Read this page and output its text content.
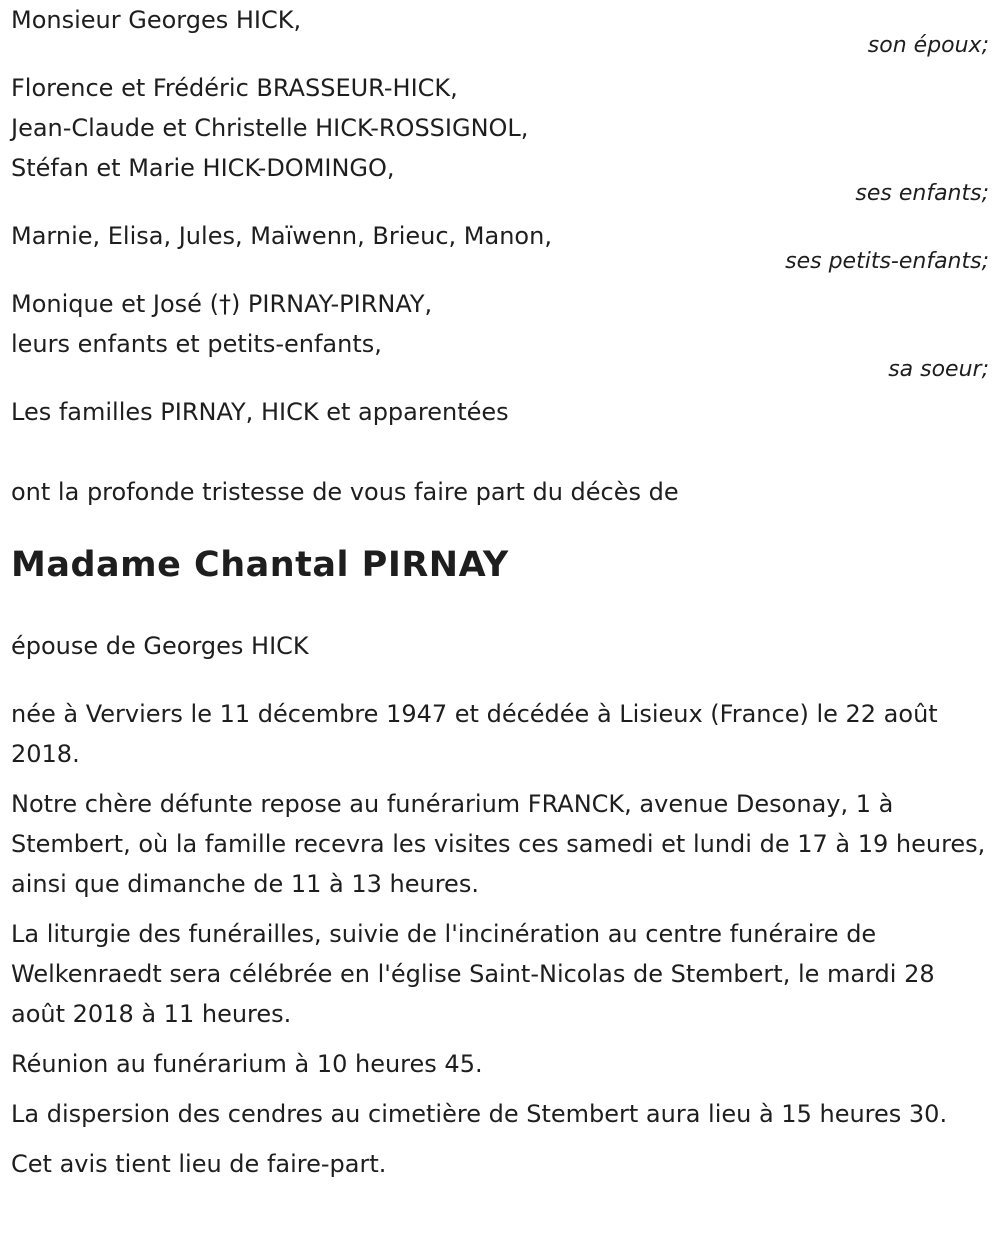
Monsieur Georges HICK,

son époux;

Florence et Frédéric BRASSEUR-HICK,

Jean-Claude et Christelle HICK-ROSSIGNOL,

Stéfan et Marie HICK-DOMINGO,

ses enfants;

Marnie, Elisa, Jules, Maïwenn, Brieuc, Manon,

ses petits-enfants;

Monique et José (†) PIRNAY-PIRNAY,

leurs enfants et petits-enfants,

sa soeur;

Les familles PIRNAY, HICK et apparentées

ont la profonde tristesse de vous faire part du décès de

Madame Chantal PIRNAY

épouse de Georges HICK

née à Verviers le 11 décembre 1947 et décédée à Lisieux (France) le 22 août 2018.

Notre chère défunte repose au funérarium FRANCK, avenue Desonay, 1 à Stembert, où la famille recevra les visites ces samedi et lundi de 17 à 19 heures, ainsi que dimanche de 11 à 13 heures.

La liturgie des funérailles, suivie de l'incinération au centre funéraire de Welkenraedt sera célébrée en l'église Saint-Nicolas de Stembert, le mardi 28 août 2018 à 11 heures.

Réunion au funérarium à 10 heures 45.

La dispersion des cendres au cimetière de Stembert aura lieu à 15 heures 30.

Cet avis tient lieu de faire-part.
